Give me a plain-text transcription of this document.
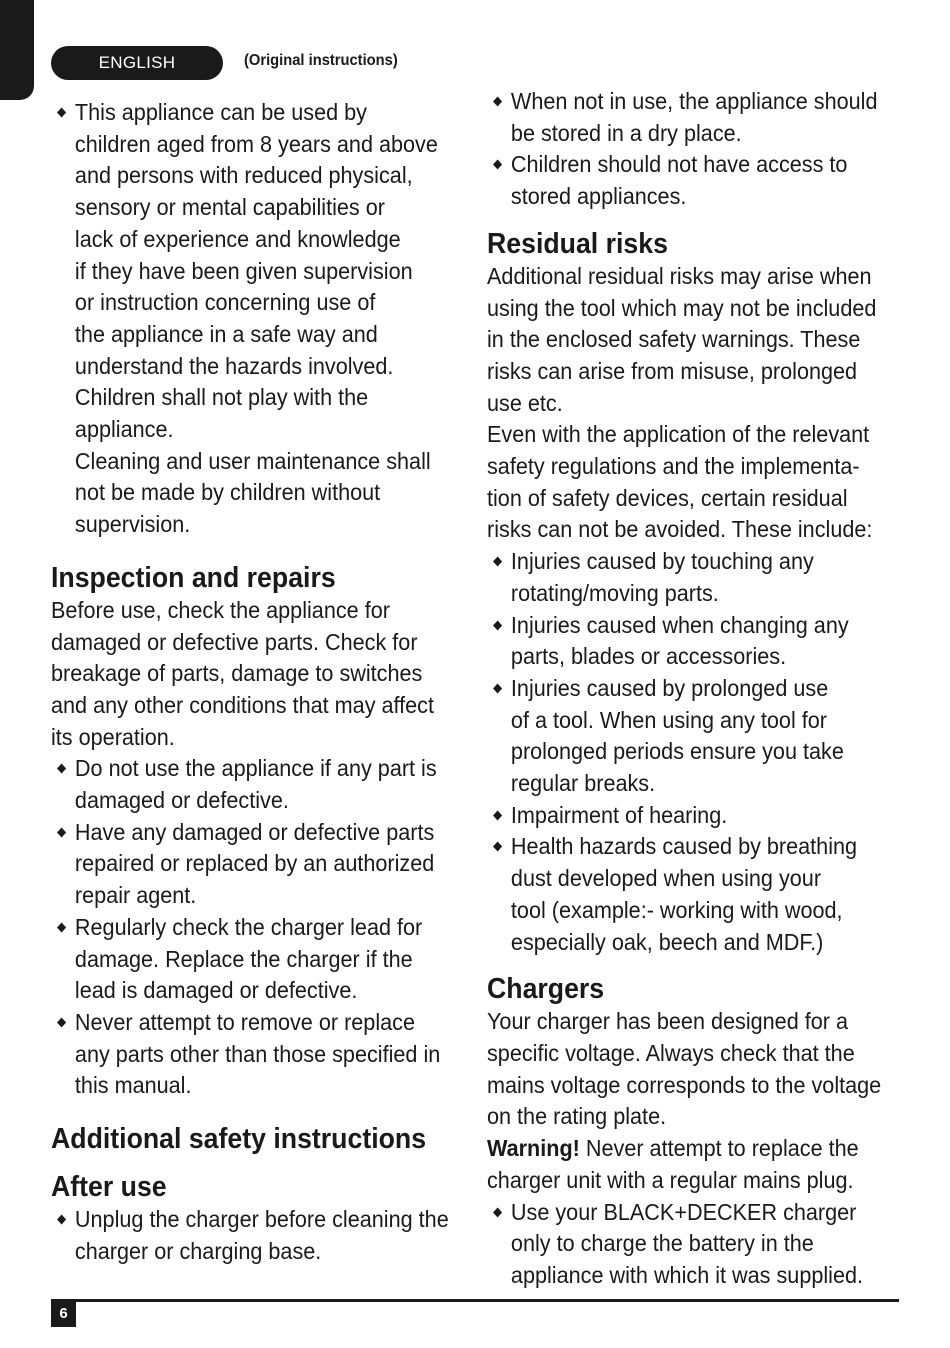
ENGLISH	(Original instructions)
This appliance can be used by
children aged from 8 years and above
and persons with reduced physical,
sensory or mental capabilities or
lack of experience and knowledge
if they have been given supervision
or instruction concerning use of
the appliance in a safe way and
understand the hazards involved.
Children shall not play with the
appliance.
Cleaning and user maintenance shall
not be made by children without
supervision.
Inspection and repairs

Before use, check the appliance for
damaged or defective parts. Check for
breakage of parts, damage to switches
and any other conditions that may affect
its operation.

Do not use the appliance if any part is
damaged or defective.
Have any damaged or defective parts
repaired or replaced by an authorized
repair agent.
Regularly check the charger lead for
damage. Replace the charger if the
lead is damaged or defective.
Never attempt to remove or replace
any parts other than those specified in
this manual.
Additional safety instructions
After use
Unplug the charger before cleaning the
charger or charging base.
When not in use, the appliance should
be stored in a dry place.
Children should not have access to
stored appliances.
Residual risks

Additional residual risks may arise when
using the tool which may not be included
in the enclosed safety warnings. These
risks can arise from misuse, prolonged
use etc.

Even with the application of the relevant
safety regulations and the implementa-
tion of safety devices, certain residual
risks can not be avoided. These include:

Injuries caused by touching any
rotating/moving parts.
Injuries caused when changing any
parts, blades or accessories.
Injuries caused by prolonged use
of a tool. When using any tool for
prolonged periods ensure you take
regular breaks.
Impairment of hearing.
Health hazards caused by breathing
dust developed when using your
tool (example:- working with wood,
especially oak, beech and MDF.)
Chargers

Your charger has been designed for a
specific voltage. Always check that the
mains voltage corresponds to the voltage
on the rating plate.

Warning! Never attempt to replace the
charger unit with a regular mains plug.

Use your BLACK+DECKER charger
only to charge the battery in the
appliance with which it was supplied.
6
